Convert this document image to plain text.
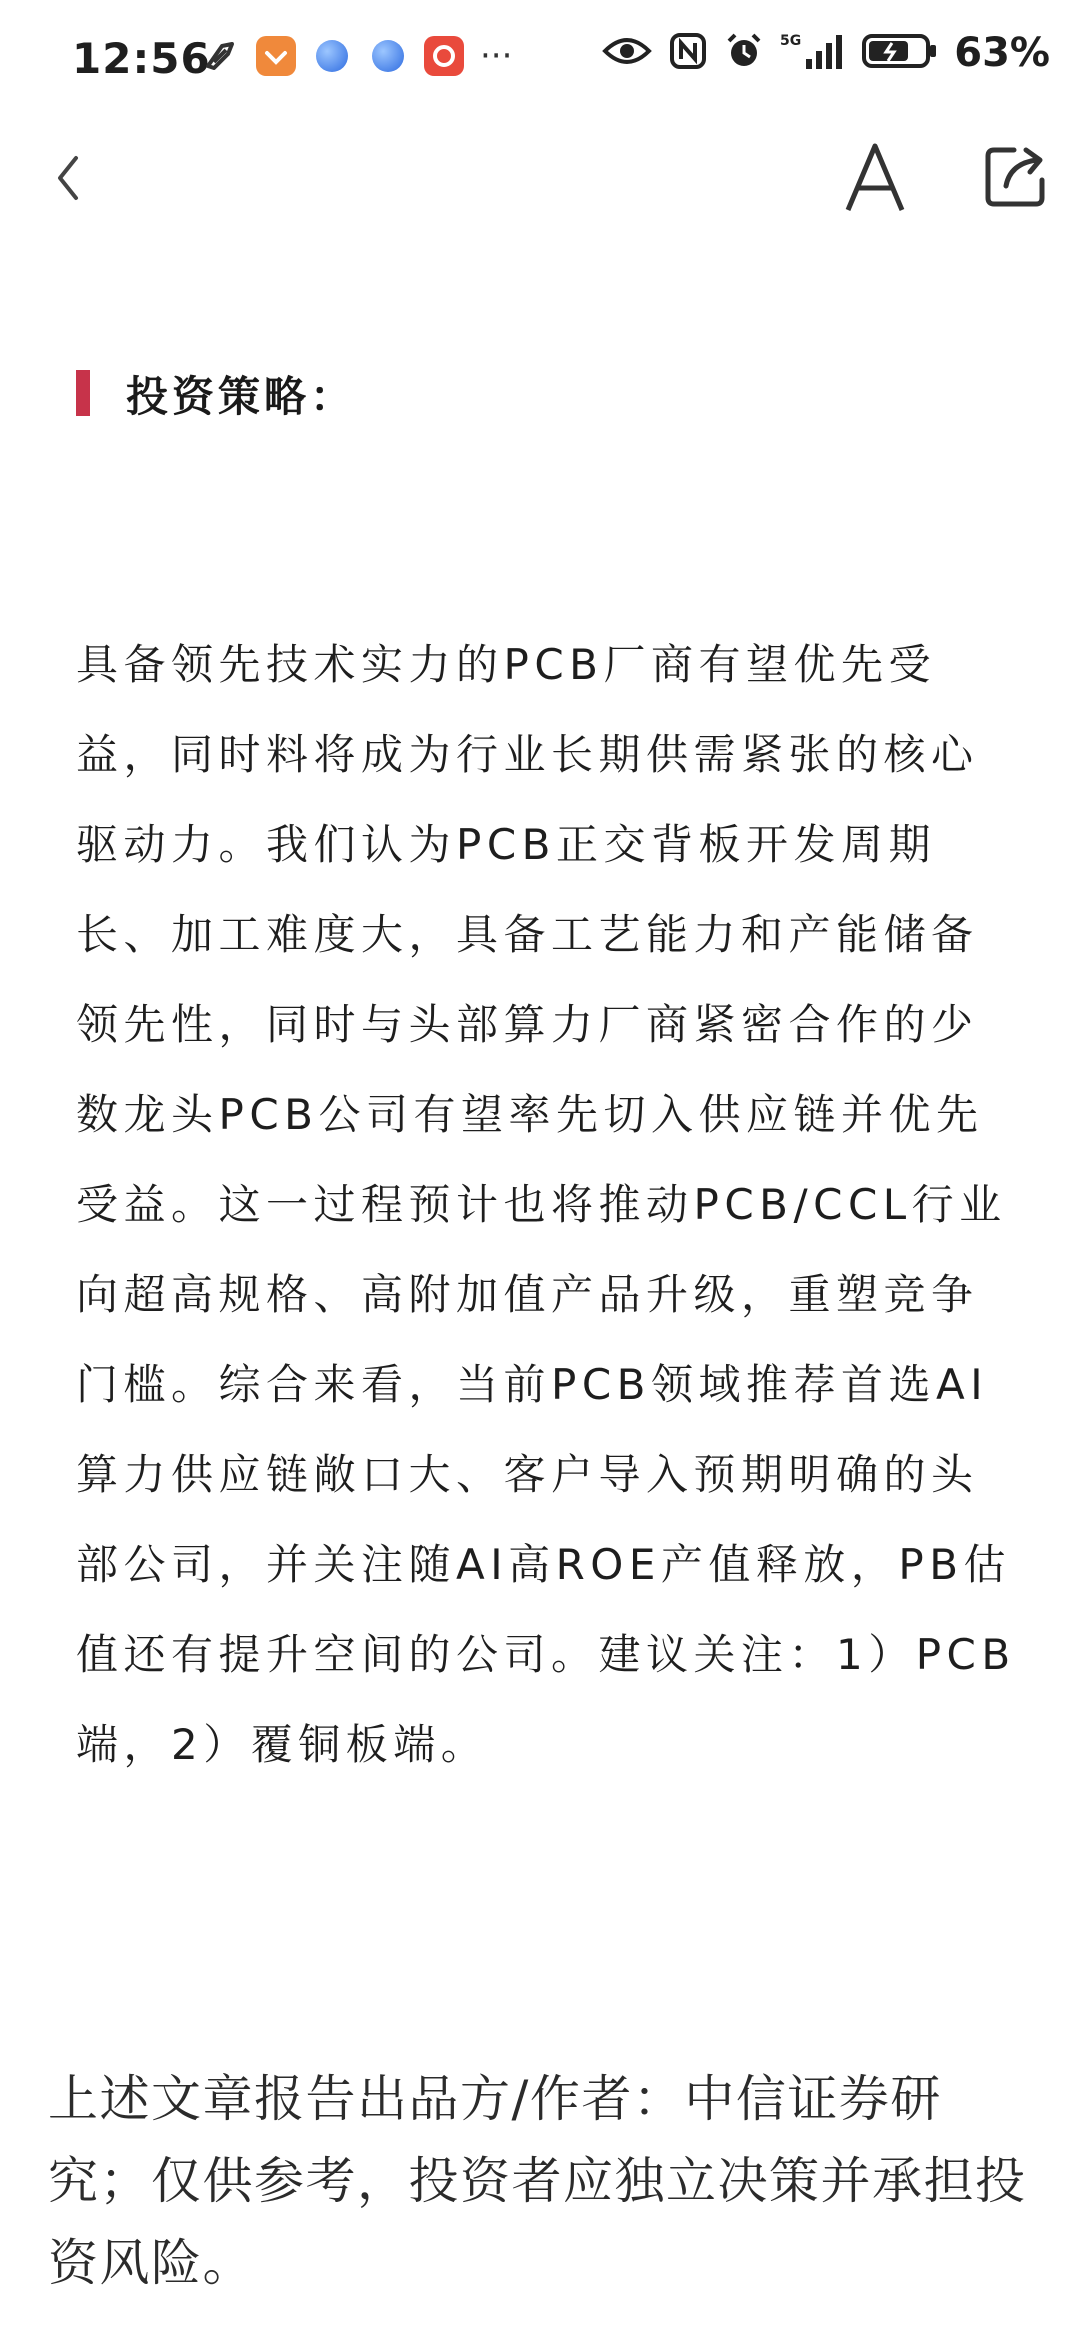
12:56	···	5G	63%
投资策略：
具备领先技术实力的PCB厂商有望优先受益，同时料将成为行业长期供需紧张的核心驱动力。我们认为PCB正交背板开发周期长、加工难度大，具备工艺能力和产能储备领先性，同时与头部算力厂商紧密合作的少数龙头PCB公司有望率先切入供应链并优先受益。这一过程预计也将推动PCB/CCL行业向超高规格、高附加值产品升级，重塑竞争门槛。综合来看，当前PCB领域推荐首选AI算力供应链敞口大、客户导入预期明确的头部公司，并关注随AI高ROE产值释放，PB估值还有提升空间的公司。建议关注：1）PCB端，2）覆铜板端。
上述文章报告出品方/作者：中信证券研究；仅供参考，投资者应独立决策并承担投资风险。
